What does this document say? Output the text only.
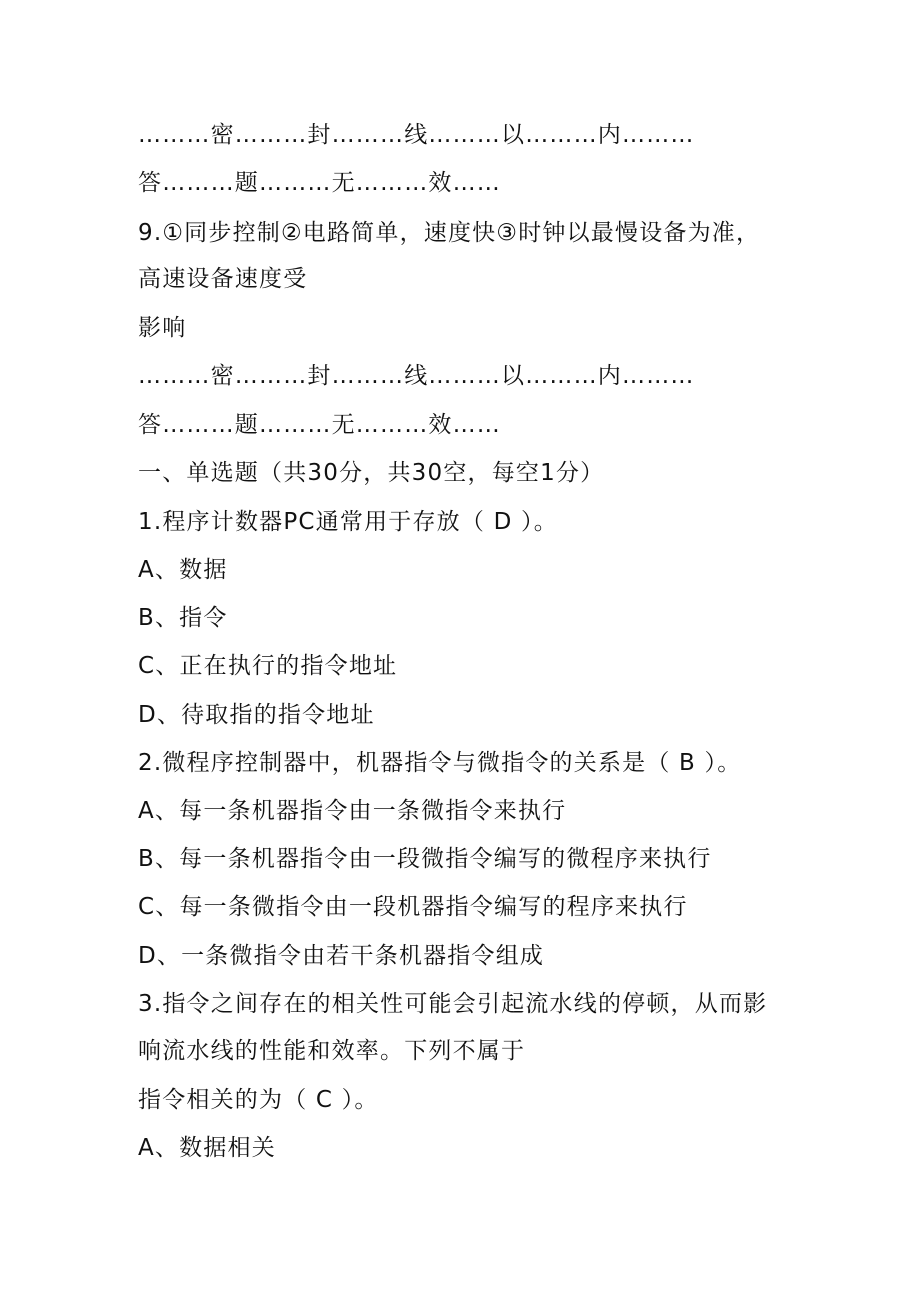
………密………封………线………以………内………
答………题………无………效……
9.①同步控制②电路简单，速度快③时钟以最慢设备为准，
高速设备速度受
影响
………密………封………线………以………内………
答………题………无………效……
一、单选题（共30分，共30空，每空1分）
1.程序计数器PC通常用于存放（ D ）。
A、数据
B、指令
C、正在执行的指令地址
D、待取指的指令地址
2.微程序控制器中，机器指令与微指令的关系是（ B ）。
A、每一条机器指令由一条微指令来执行
B、每一条机器指令由一段微指令编写的微程序来执行
C、每一条微指令由一段机器指令编写的程序来执行
D、一条微指令由若干条机器指令组成
3.指令之间存在的相关性可能会引起流水线的停顿，从而影
响流水线的性能和效率。下列不属于
指令相关的为（ C ）。
A、数据相关
